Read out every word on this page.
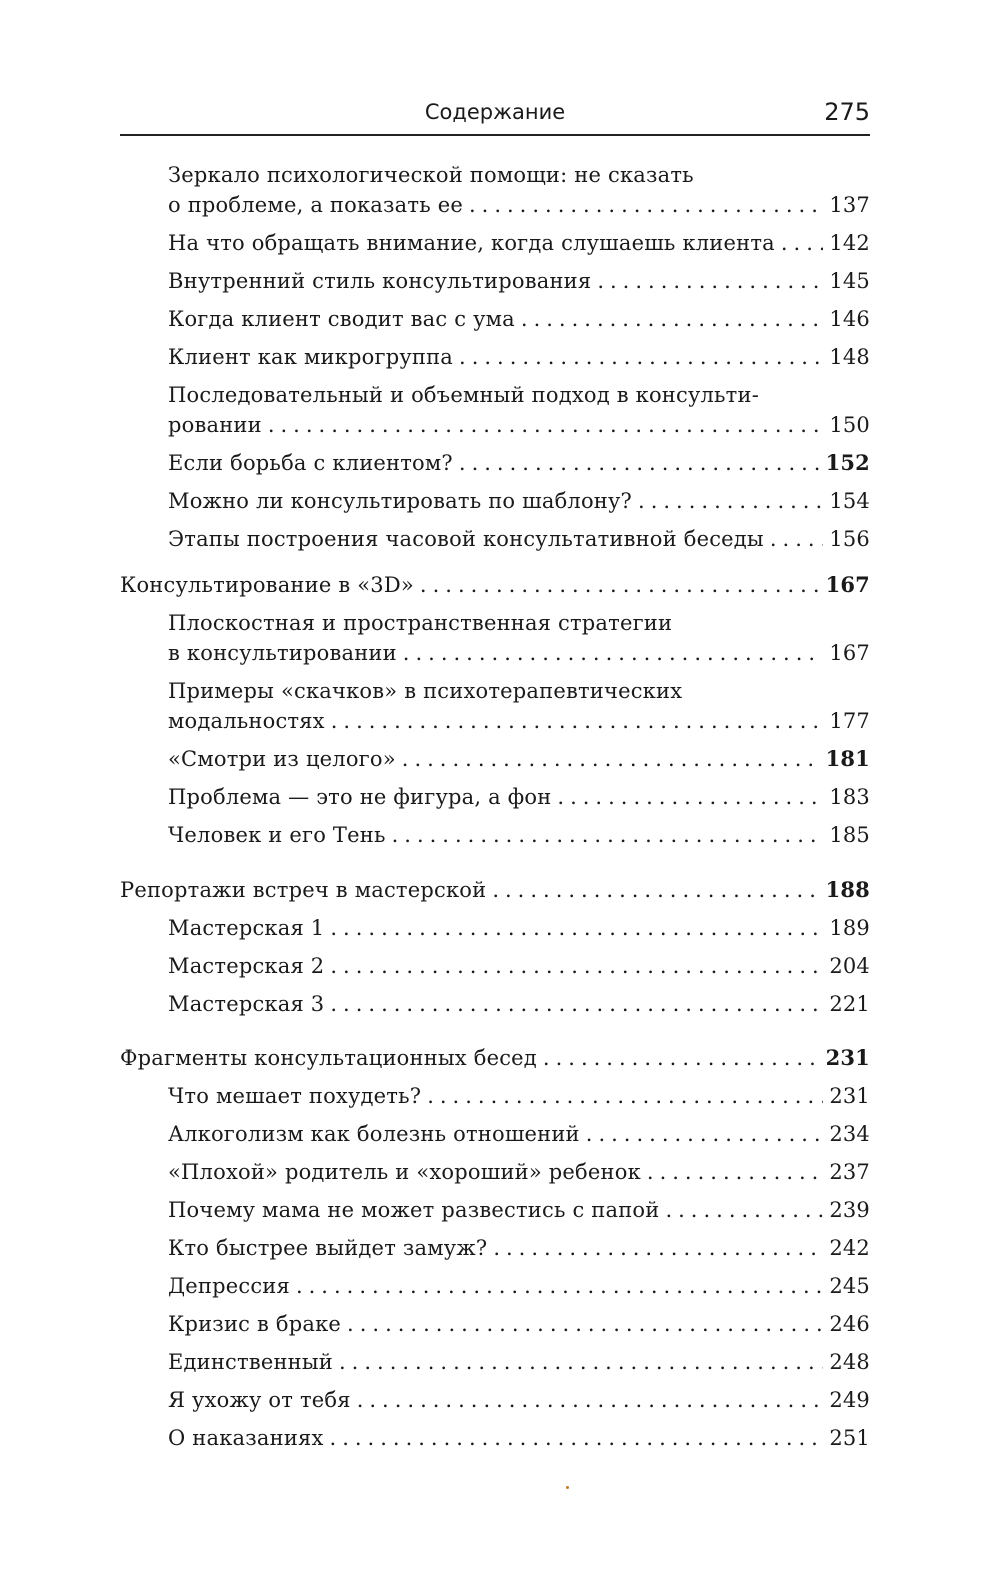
Содержание	275
Зеркало психологической помощи: не сказать
о проблеме, а показать ее .....	137
На что обращать внимание, когда слушаешь клиента .....	142
Внутренний стиль консультирования .....	145
Когда клиент сводит вас с ума .....	146
Клиент как микрогруппа .....	148
Последовательный и объемный подход в консульти-
ровании .....	150
Если борьба с клиентом? .....	152
Можно ли консультировать по шаблону? .....	154
Этапы построения часовой консультативной беседы .....	156
Консультирование в «3D» .....	167
Плоскостная и пространственная стратегии
в консультировании .....	167
Примеры «скачков» в психотерапевтических
модальностях .....	177
«Смотри из целого» .....	181
Проблема — это не фигура, а фон .....	183
Человек и его Тень .....	185
Репортажи встреч в мастерской .....	188
Мастерская 1 .....	189
Мастерская 2 .....	204
Мастерская 3 .....	221
Фрагменты консультационных бесед .....	231
Что мешает похудеть? .....	231
Алкоголизм как болезнь отношений .....	234
«Плохой» родитель и «хороший» ребенок .....	237
Почему мама не может развестись с папой .....	239
Кто быстрее выйдет замуж? .....	242
Депрессия .....	245
Кризис в браке .....	246
Единственный .....	248
Я ухожу от тебя .....	249
О наказаниях .....	251
